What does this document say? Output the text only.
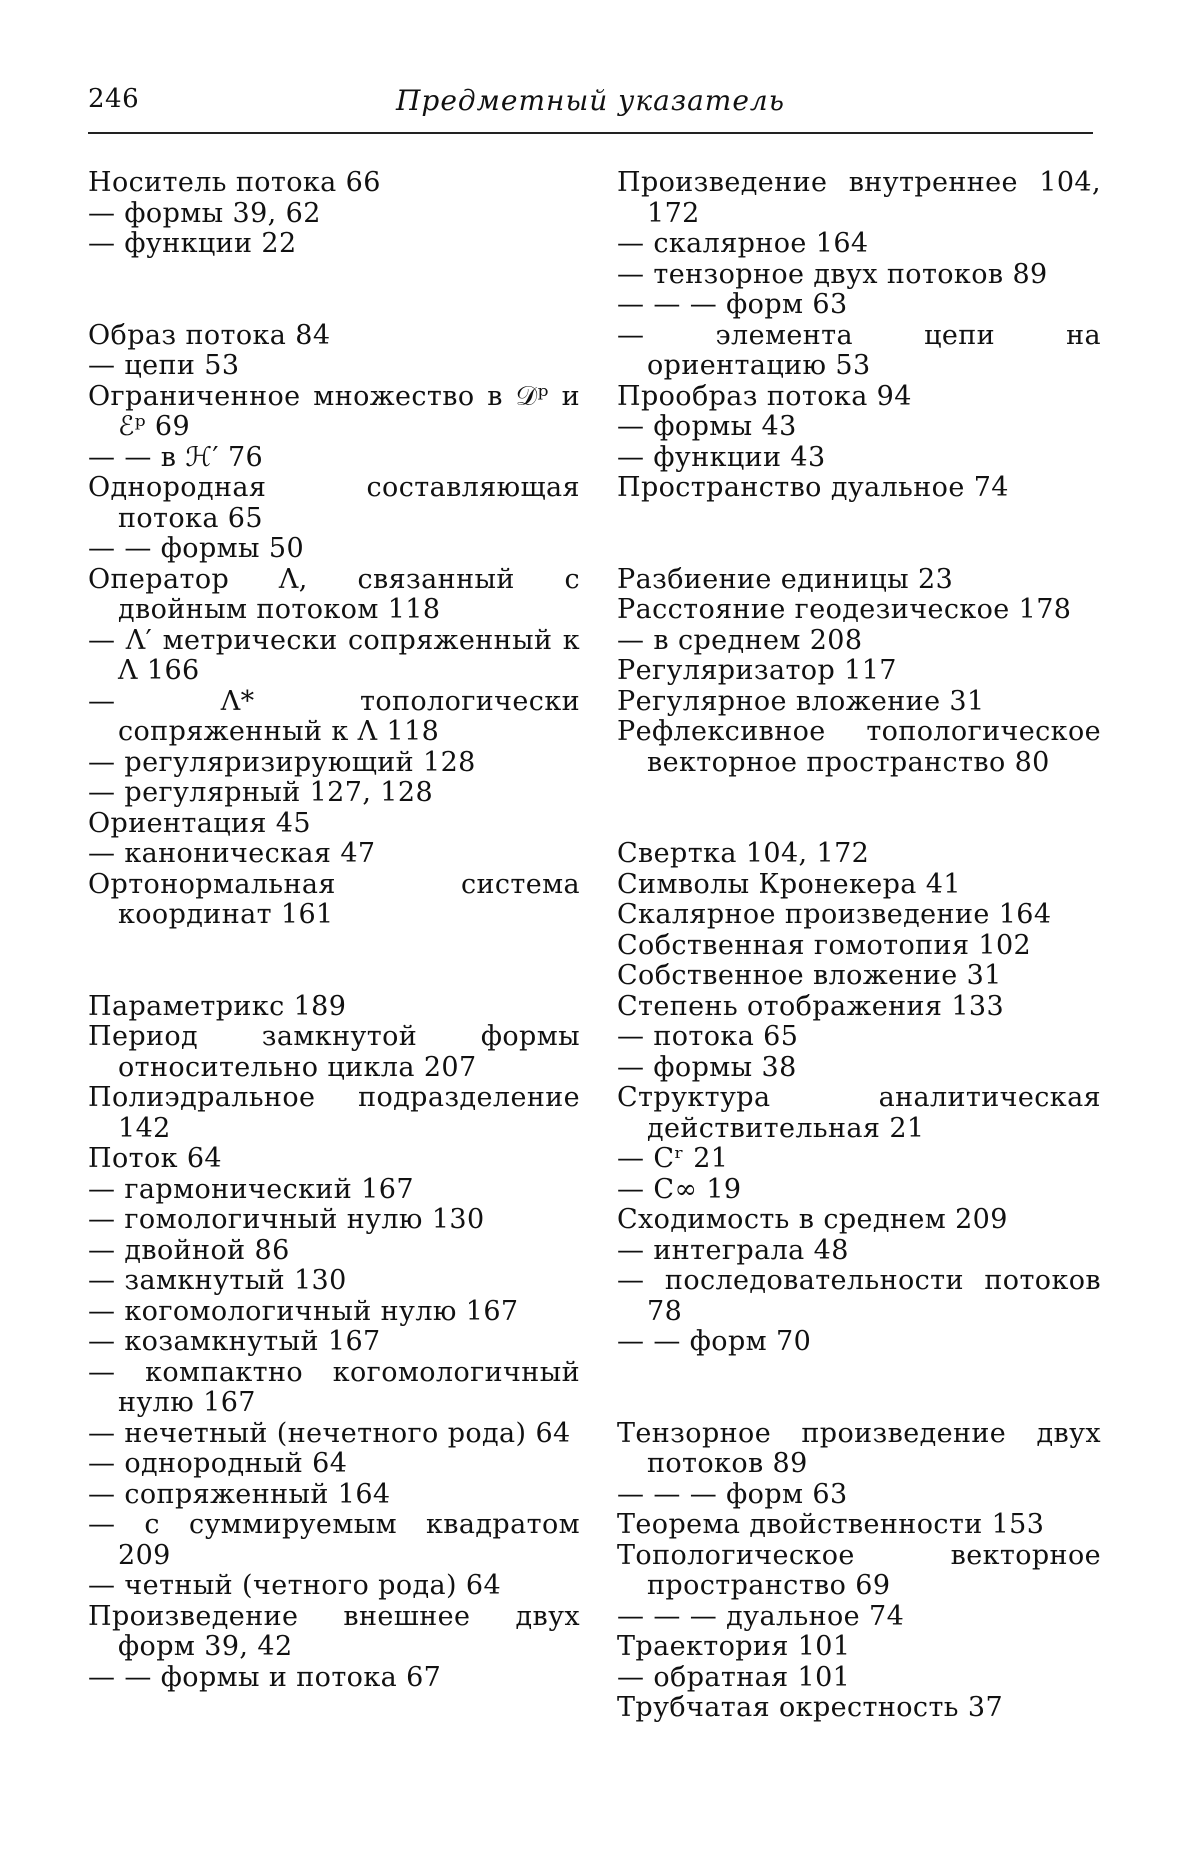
246	Предметный указатель

Носитель потока 66

— формы 39, 62

— функции 22

Образ потока 84

— цепи 53

Ограниченное множество в 𝒟ᵖ и ℰᵖ 69

— — в ℋ′ 76

Однородная составляющая потока 65

— — формы 50

Оператор Λ, связанный с двойным потоком 118

— Λ′ метрически сопряженный к Λ 166

— Λ* топологически сопряженный к Λ 118

— регуляризирующий 128

— регулярный 127, 128

Ориентация 45

— каноническая 47

Ортонормальная система координат 161

Параметрикс 189

Период замкнутой формы относительно цикла 207

Полиэдральное подразделение 142

Поток 64

— гармонический 167

— гомологичный нулю 130

— двойной 86

— замкнутый 130

— когомологичный нулю 167

— козамкнутый 167

— компактно когомологичный нулю 167

— нечетный (нечетного рода) 64

— однородный 64

— сопряженный 164

— с суммируемым квадратом 209

— четный (четного рода) 64

Произведение внешнее двух форм 39, 42

— — формы и потока 67

Произведение внутреннее 104, 172

— скалярное 164

— тензорное двух потоков 89

— — — форм 63

— элемента цепи на ориентацию 53

Прообраз потока 94

— формы 43

— функции 43

Пространство дуальное 74

Разбиение единицы 23

Расстояние геодезическое 178

— в среднем 208

Регуляризатор 117

Регулярное вложение 31

Рефлексивное топологическое векторное пространство 80

Свертка 104, 172

Символы Кронекера 41

Скалярное произведение 164

Собственная гомотопия 102

Собственное вложение 31

Степень отображения 133

— потока 65

— формы 38

Структура аналитическая действительная 21

— Cʳ 21

— C∞ 19

Сходимость в среднем 209

— интеграла 48

— последовательности потоков 78

— — форм 70

Тензорное произведение двух потоков 89

— — — форм 63

Теорема двойственности 153

Топологическое векторное пространство 69

— — — дуальное 74

Траектория 101

— обратная 101

Трубчатая окрестность 37
